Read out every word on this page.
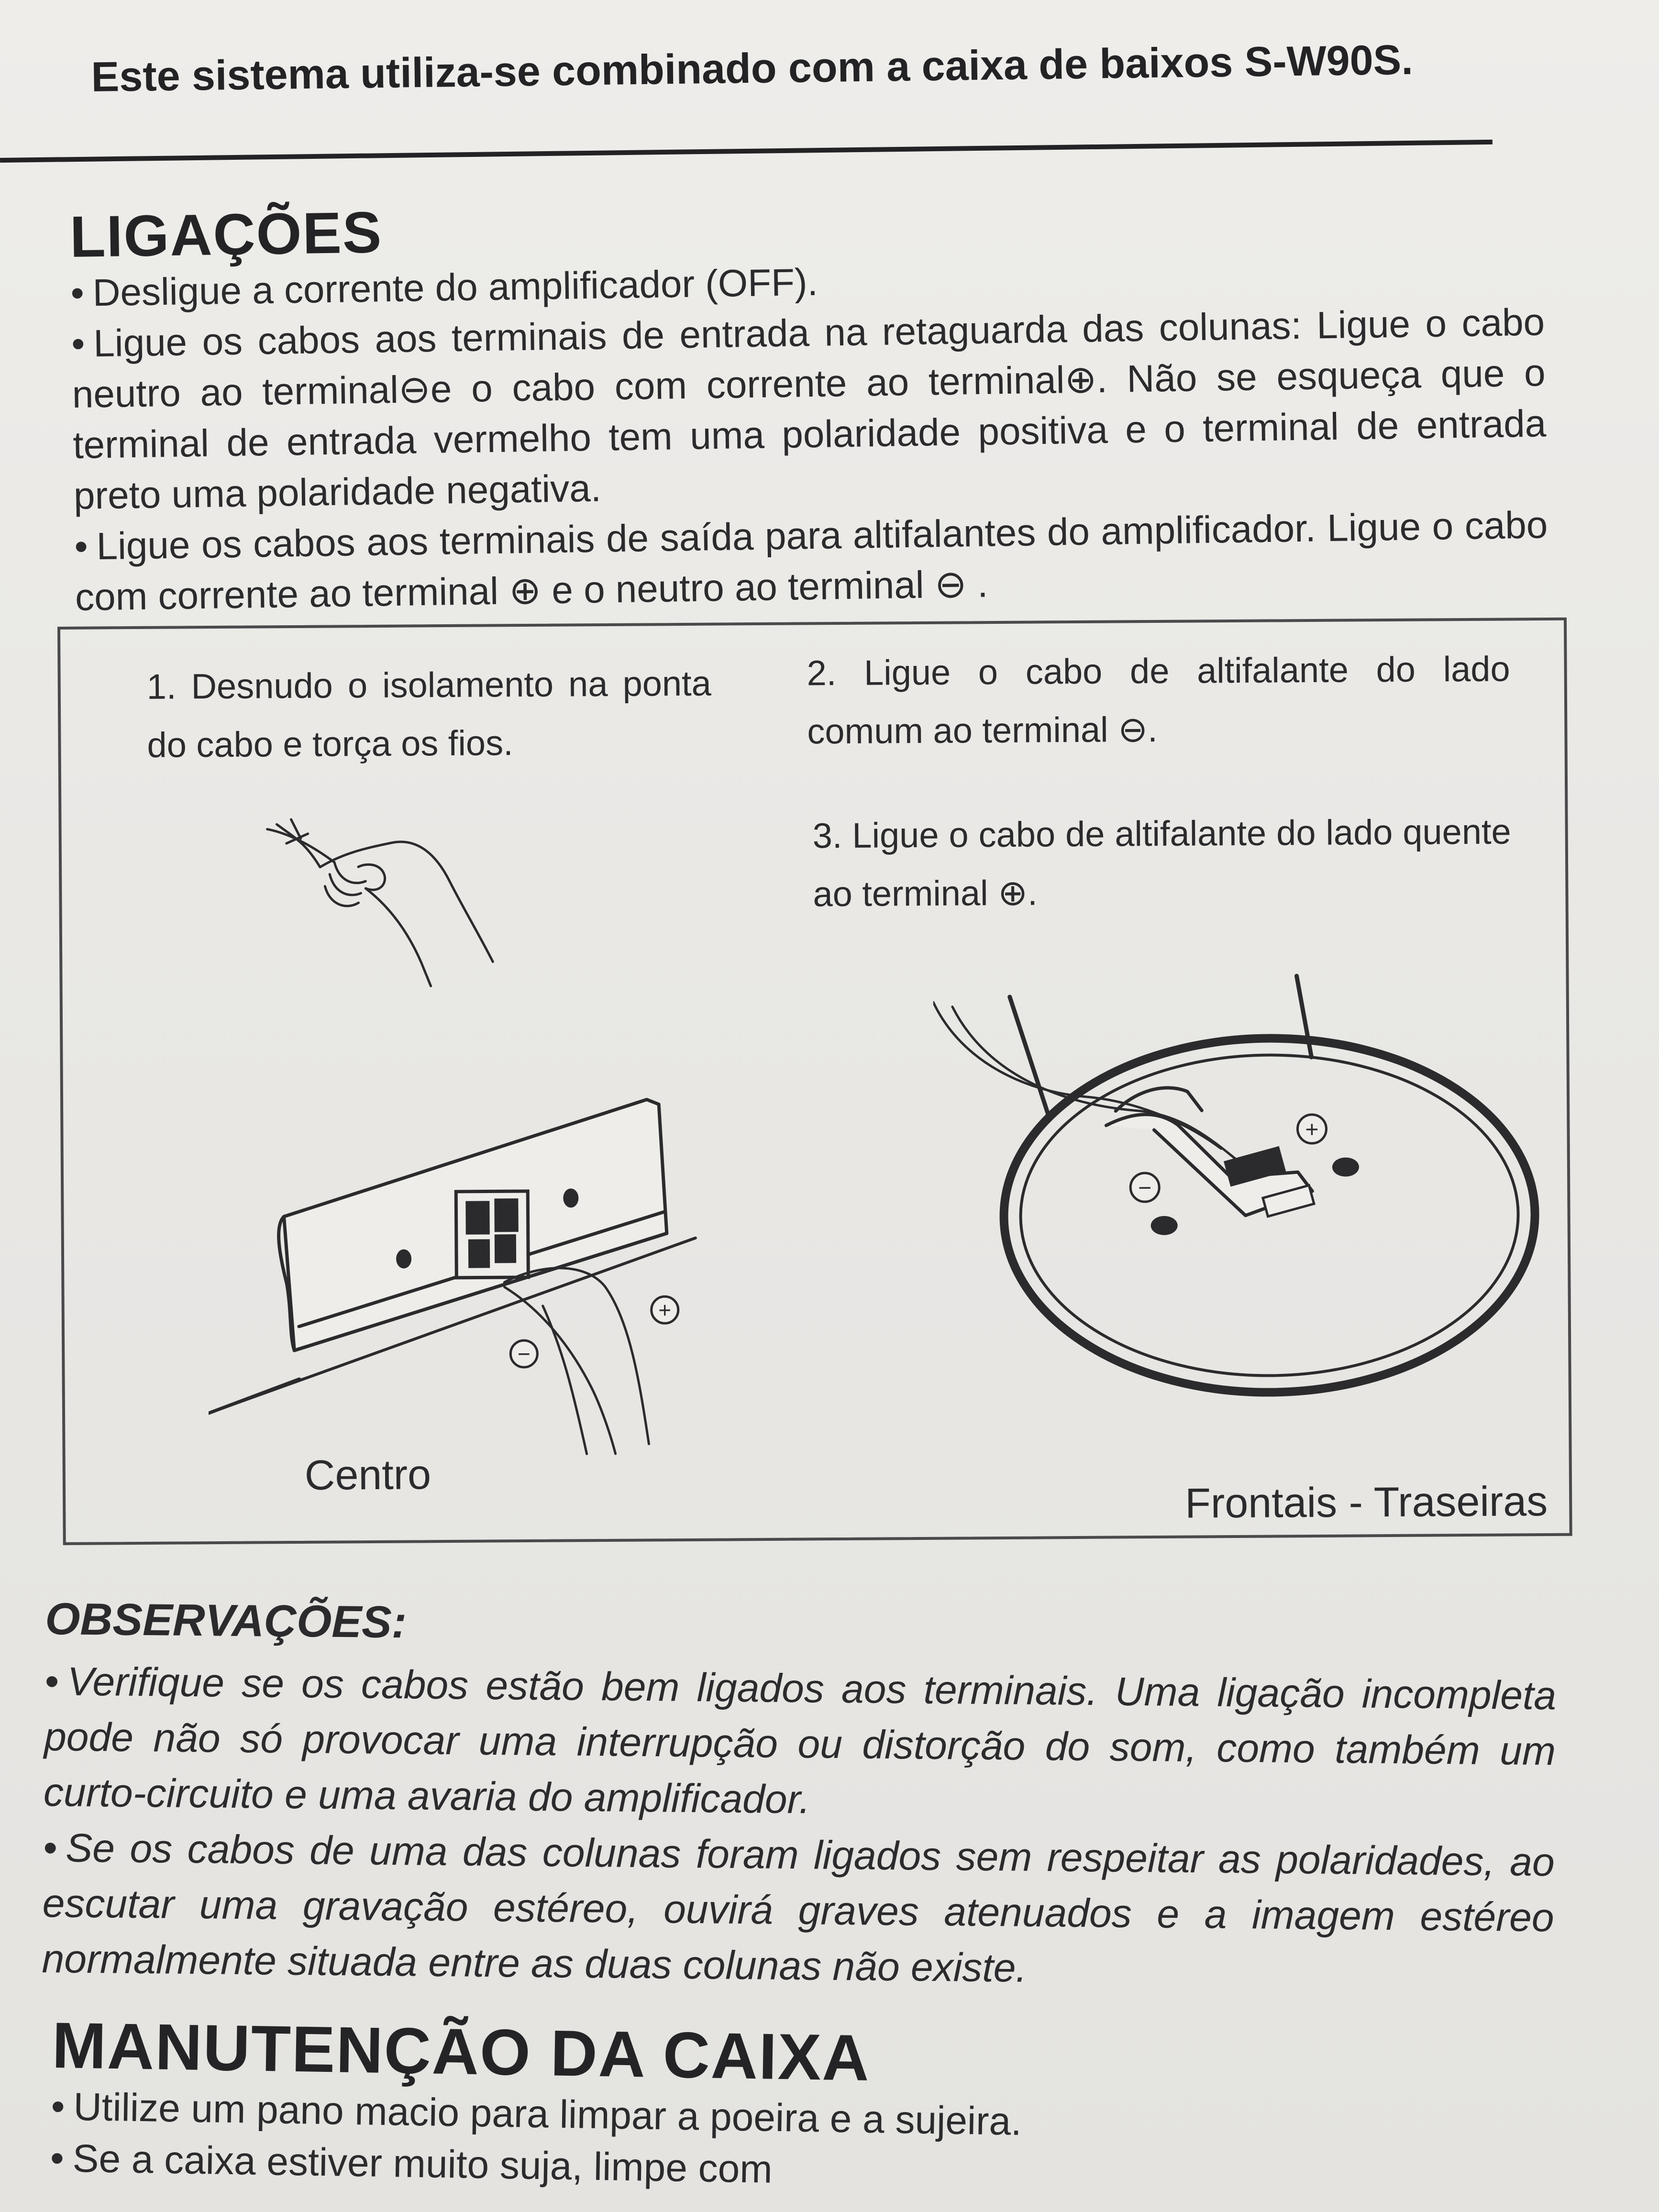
Este sistema utiliza-se combinado com a caixa de baixos S-W90S.
LIGAÇÕES

• Desligue a corrente do amplificador (OFF).

• Ligue os cabos aos terminais de entrada na retaguarda das colunas: Ligue o cabo neutro ao terminal⊖e o cabo com corrente ao terminal⊕. Não se esqueça que o terminal de entrada vermelho tem uma polaridade positiva e o terminal de entrada preto uma polaridade negativa.

• Ligue os cabos aos terminais de saída para altifalantes do amplificador. Ligue o cabo com corrente ao terminal ⊕ e o neutro ao terminal ⊖ .

1. Desnudo o isolamento na ponta do cabo e torça os fios.
2. Ligue o cabo de altifalante do lado comum ao terminal ⊖.
3. Ligue o cabo de altifalante do lado quente ao terminal ⊕.
+
−
+
−
Centro
Frontais - Traseiras
OBSERVAÇÕES:

• Verifique se os cabos estão bem ligados aos terminais. Uma ligação incompleta pode não só provocar uma interrupção ou distorção do som, como também um curto-circuito e uma avaria do amplificador.

• Se os cabos de uma das colunas foram ligados sem respeitar as polaridades, ao escutar uma gravação estéreo, ouvirá graves atenuados e a imagem estéreo normalmente situada entre as duas colunas não existe.

MANUTENÇÃO DA CAIXA

• Utilize um pano macio para limpar a poeira e a sujeira.

• Se a caixa estiver muito suja, limpe com
